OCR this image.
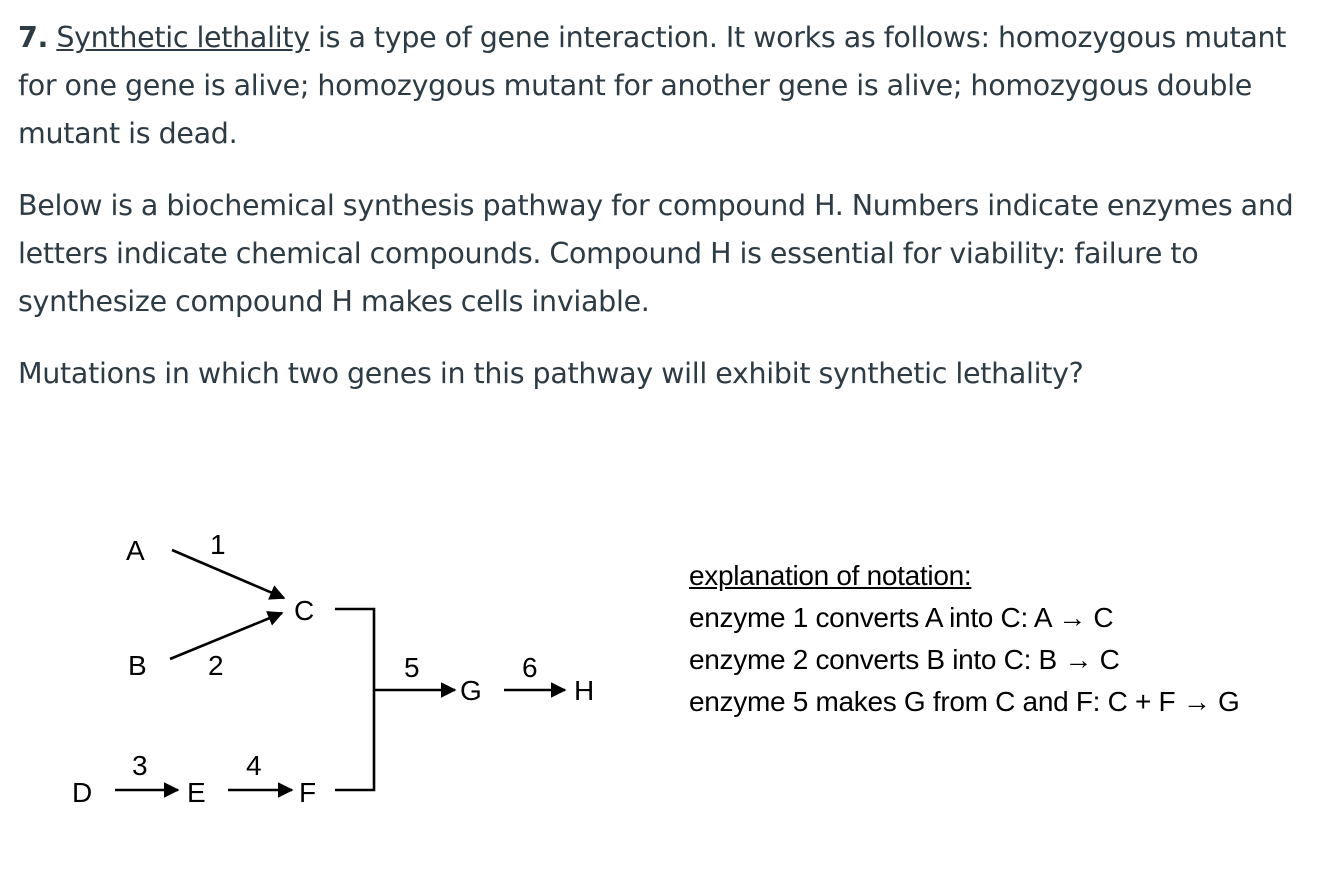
7. Synthetic lethality is a type of gene interaction. It works as follows: homozygous mutant for one gene is alive; homozygous mutant for another gene is alive; homozygous double mutant is dead.

Below is a biochemical synthesis pathway for compound H. Numbers indicate enzymes and letters indicate chemical compounds. Compound H is essential for viability: failure to synthesize compound H makes cells inviable.

Mutations in which two genes in this pathway will exhibit synthetic lethality?

A
C
B
G	H
D	E	F
1
2
3	4
5	6
explanation of notation:
enzyme 1 converts A into C: A → C
enzyme 2 converts B into C: B → C
enzyme 5 makes G from C and F: C + F → G
